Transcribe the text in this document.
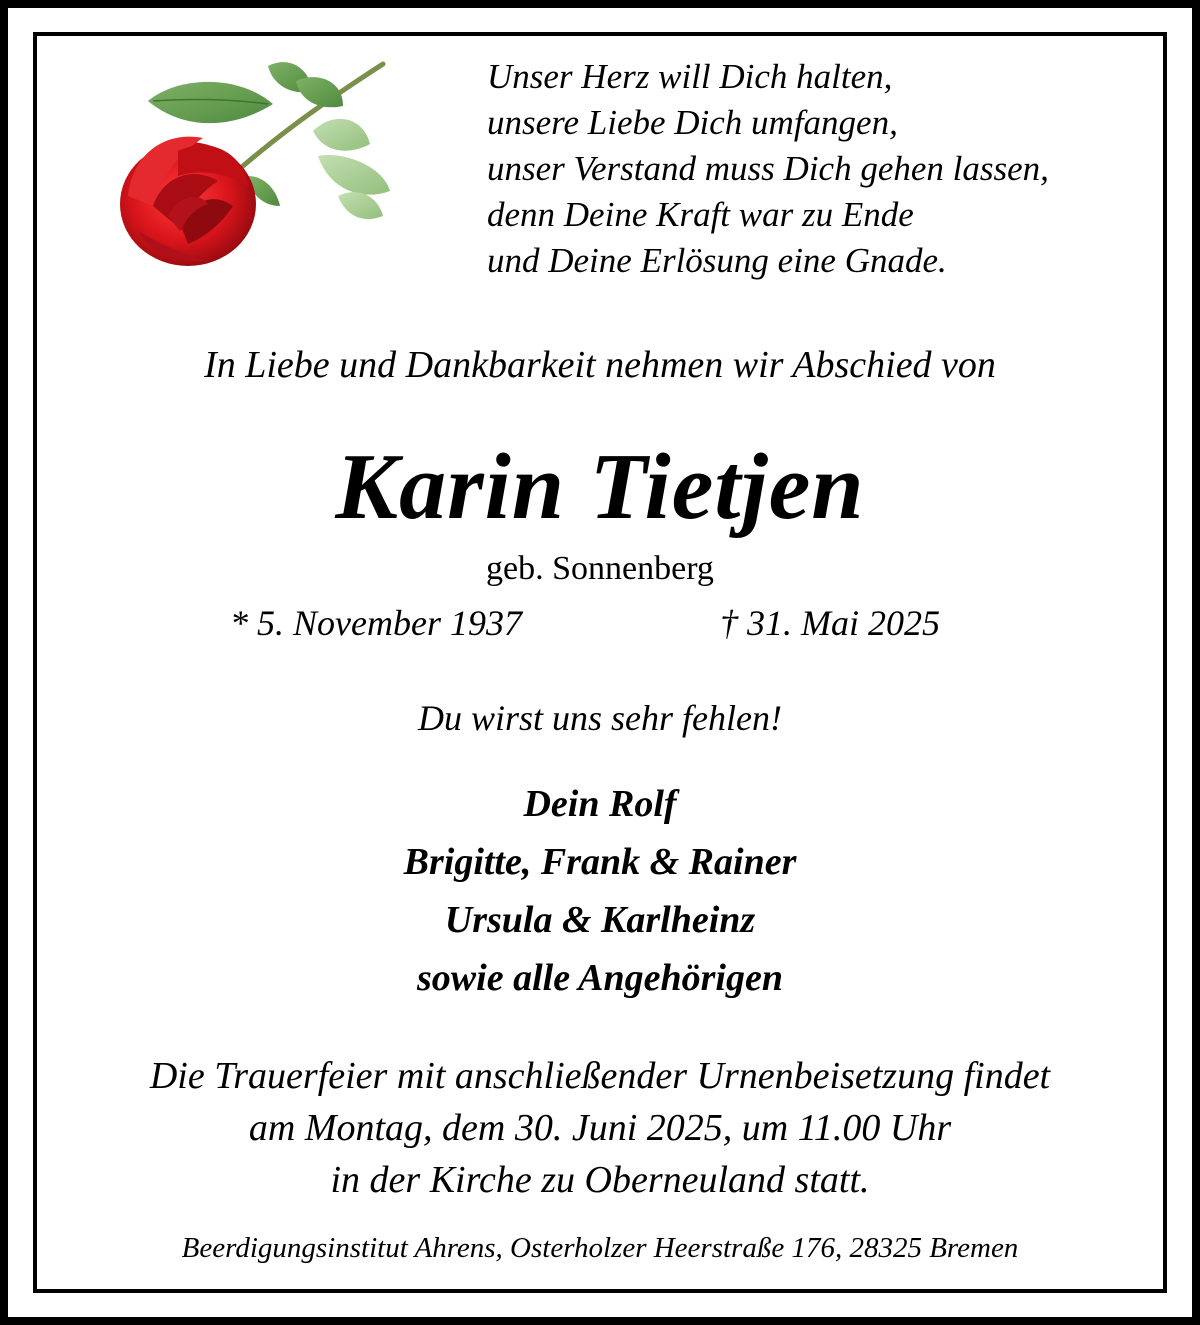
Unser Herz will Dich halten,
unsere Liebe Dich umfangen,
unser Verstand muss Dich gehen lassen,
denn Deine Kraft war zu Ende
und Deine Erlösung eine Gnade.
In Liebe und Dankbarkeit nehmen wir Abschied von
Karin Tietjen
geb. Sonnenberg
* 5. November 1937	† 31. Mai 2025
Du wirst uns sehr fehlen!
Dein Rolf
Brigitte, Frank & Rainer
Ursula & Karlheinz
sowie alle Angehörigen
Die Trauerfeier mit anschließender Urnenbeisetzung findet
am Montag, dem 30. Juni 2025, um 11.00 Uhr
in der Kirche zu Oberneuland statt.
Beerdigungsinstitut Ahrens, Osterholzer Heerstraße 176, 28325 Bremen
